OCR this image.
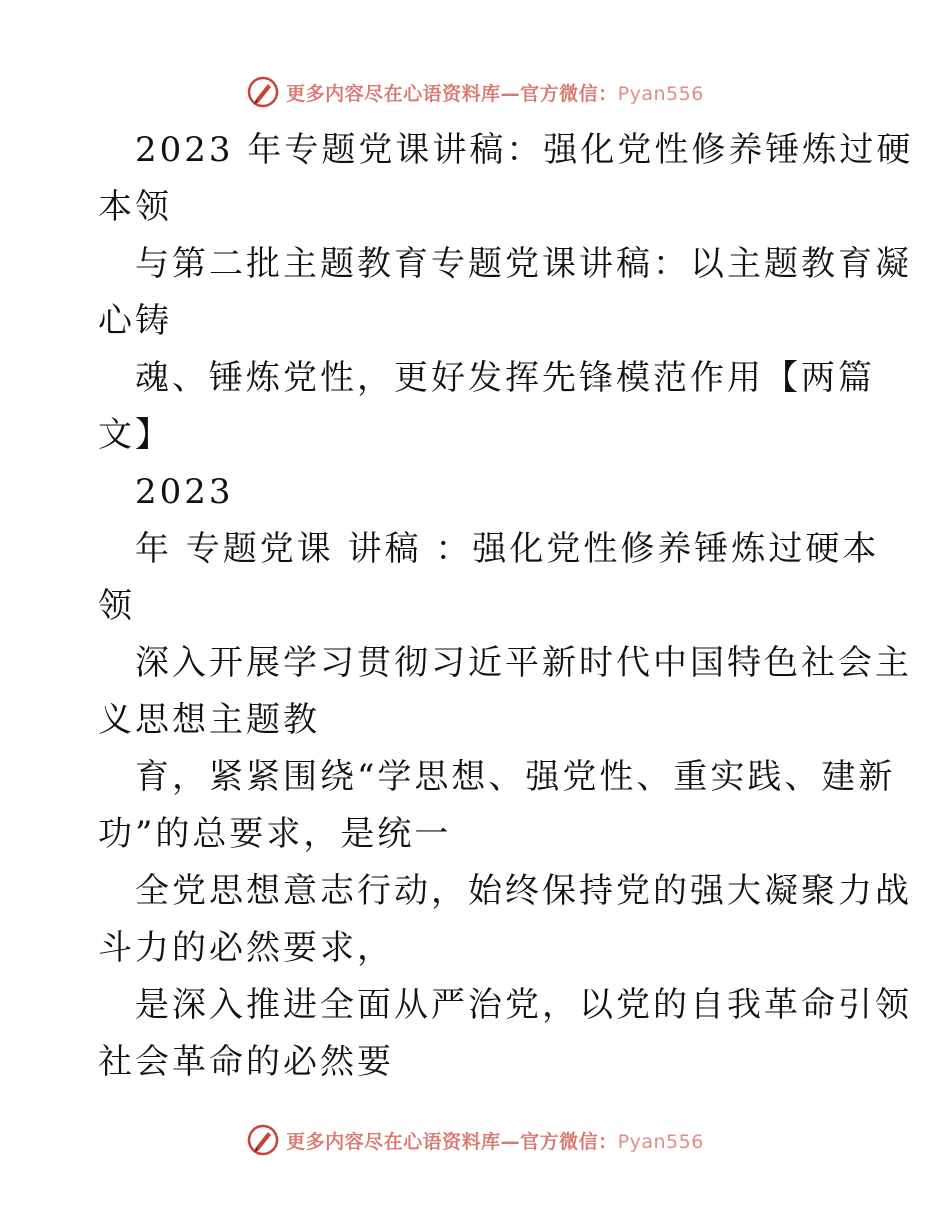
更多内容尽在心语资料库—官方微信：Pyan556
2023 年专题党课讲稿：强化党性修养锤炼过硬
本领
与第二批主题教育专题党课讲稿：以主题教育凝
心铸
魂、锤炼党性，更好发挥先锋模范作用【两篇
文】
2023
年 专题党课 讲稿 ：强化党性修养锤炼过硬本
领
深入开展学习贯彻习近平新时代中国特色社会主
义思想主题教
育，紧紧围绕“学思想、强党性、重实践、建新
功”的总要求，是统一
全党思想意志行动，始终保持党的强大凝聚力战
斗力的必然要求，
是深入推进全面从严治党，以党的自我革命引领
社会革命的必然要
更多内容尽在心语资料库—官方微信：Pyan556
